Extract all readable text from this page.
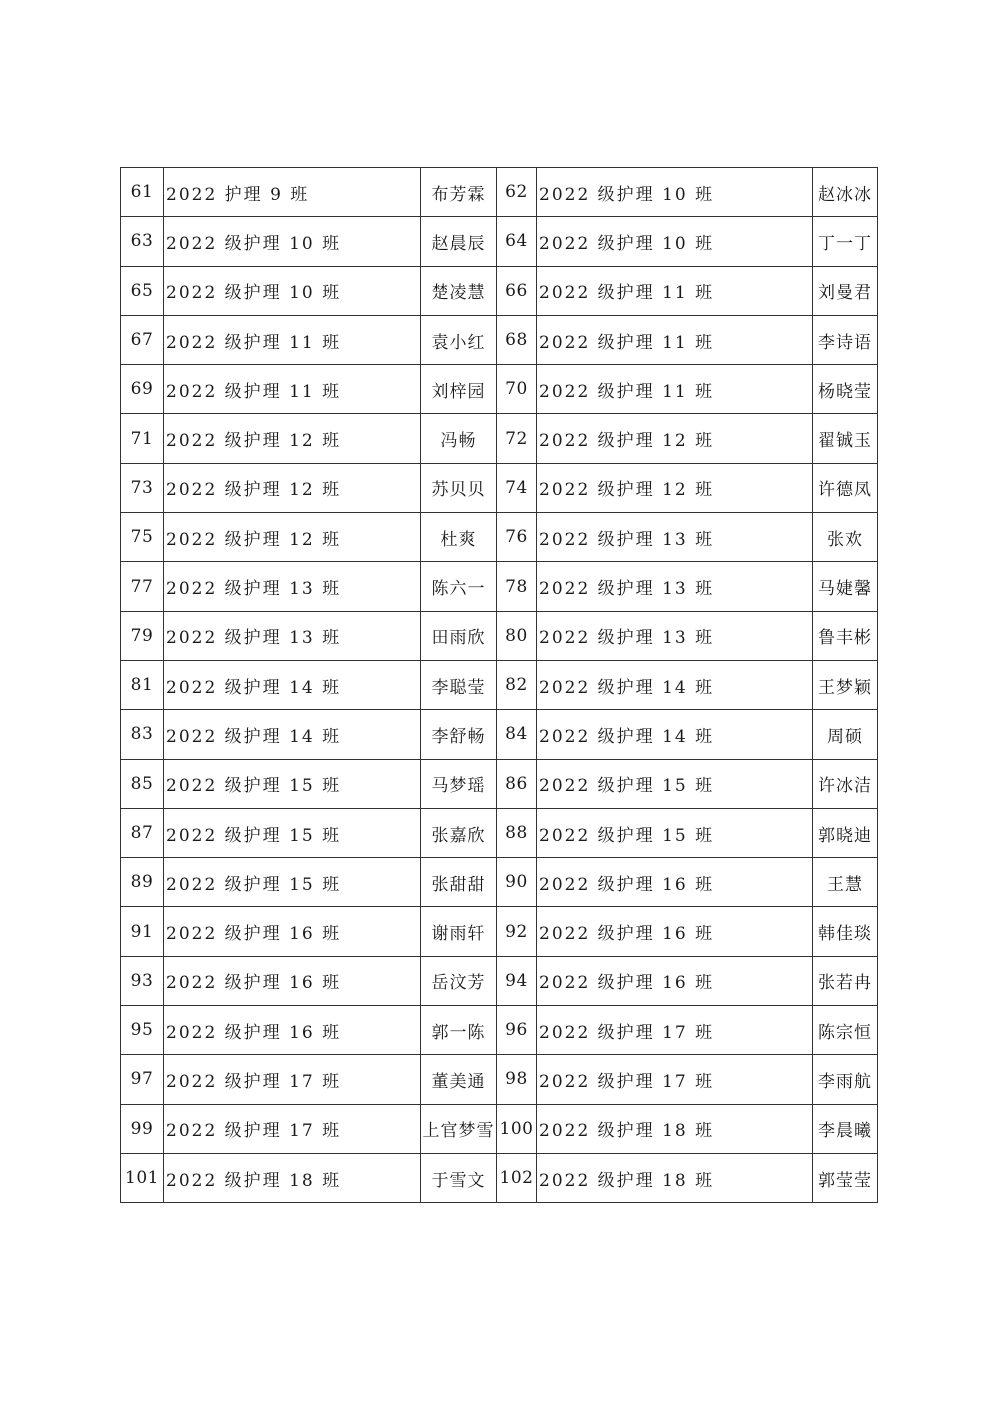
61	2022 护理 9 班	布芳霖	62	2022 级护理 10 班	赵冰冰
63	2022 级护理 10 班	赵晨辰	64	2022 级护理 10 班	丁一丁
65	2022 级护理 10 班	楚凌慧	66	2022 级护理 11 班	刘曼君
67	2022 级护理 11 班	袁小红	68	2022 级护理 11 班	李诗语
69	2022 级护理 11 班	刘梓园	70	2022 级护理 11 班	杨晓莹
71	2022 级护理 12 班	冯畅	72	2022 级护理 12 班	翟铖玉
73	2022 级护理 12 班	苏贝贝	74	2022 级护理 12 班	许德凤
75	2022 级护理 12 班	杜爽	76	2022 级护理 13 班	张欢
77	2022 级护理 13 班	陈六一	78	2022 级护理 13 班	马婕馨
79	2022 级护理 13 班	田雨欣	80	2022 级护理 13 班	鲁丰彬
81	2022 级护理 14 班	李聪莹	82	2022 级护理 14 班	王梦颖
83	2022 级护理 14 班	李舒畅	84	2022 级护理 14 班	周硕
85	2022 级护理 15 班	马梦瑶	86	2022 级护理 15 班	许冰洁
87	2022 级护理 15 班	张嘉欣	88	2022 级护理 15 班	郭晓迪
89	2022 级护理 15 班	张甜甜	90	2022 级护理 16 班	王慧
91	2022 级护理 16 班	谢雨轩	92	2022 级护理 16 班	韩佳琰
93	2022 级护理 16 班	岳汶芳	94	2022 级护理 16 班	张若冉
95	2022 级护理 16 班	郭一陈	96	2022 级护理 17 班	陈宗恒
97	2022 级护理 17 班	董美通	98	2022 级护理 17 班	李雨航
99	2022 级护理 17 班	上官梦雪	100	2022 级护理 18 班	李晨曦
101	2022 级护理 18 班	于雪文	102	2022 级护理 18 班	郭莹莹
